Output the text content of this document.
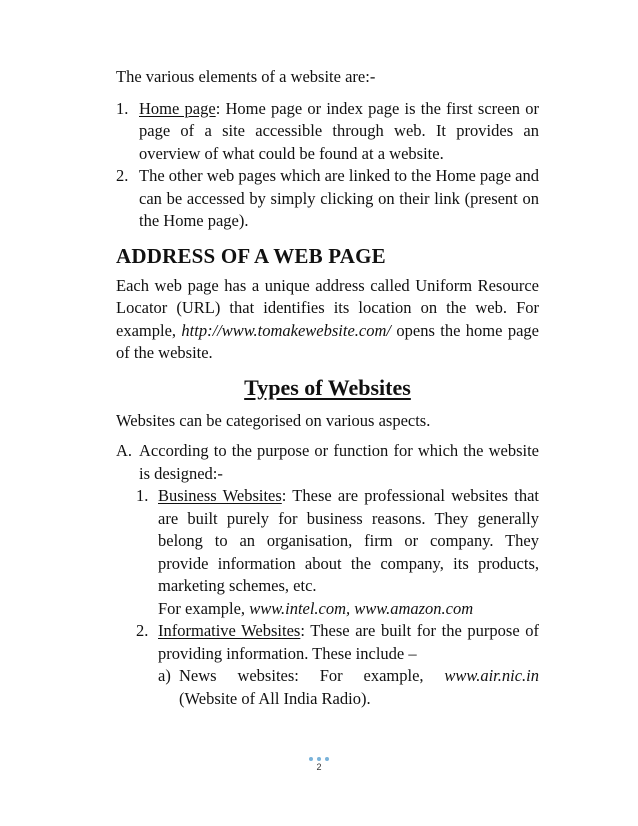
The various elements of a website are:-

1. Home page: Home page or index page is the first screen or page of a site accessible through web. It provides an overview of what could be found at a website.
2. The other web pages which are linked to the Home page and can be accessed by simply clicking on their link (present on the Home page).
ADDRESS OF A WEB PAGE

Each web page has a unique address called Uniform Resource Locator (URL) that identifies its location on the web. For example, http://www.tomakewebsite.com/ opens the home page of the website.

Types of Websites

Websites can be categorised on various aspects.

A. According to the purpose or function for which the website is designed:-
1. Business Websites: These are professional websites that are built purely for business reasons. They generally belong to an organisation, firm or company. They provide information about the company, its products, marketing schemes, etc.
For example, www.intel.com, www.amazon.com
2. Informative Websites: These are built for the purpose of providing information. These include –
a) News websites: For example, www.air.nic.in
(Website of All India Radio).
2
